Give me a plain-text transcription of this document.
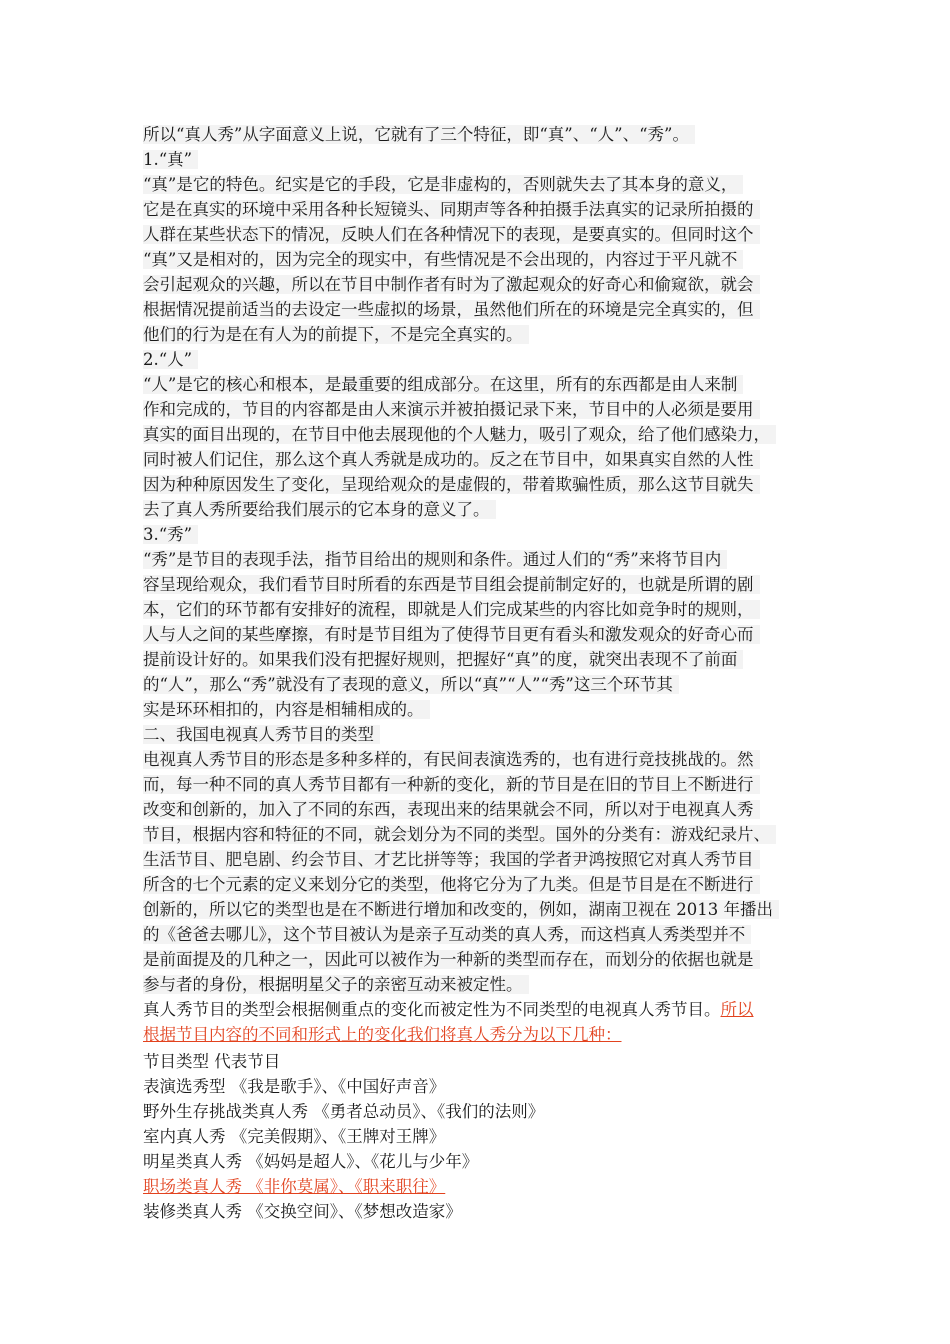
所以“真人秀”从字面意义上说，它就有了三个特征，即“真”、“人”、“秀”。
1.“真”
“真”是它的特色。纪实是它的手段，它是非虚构的，否则就失去了其本身的意义，
它是在真实的环境中采用各种长短镜头、同期声等各种拍摄手法真实的记录所拍摄的
人群在某些状态下的情况，反映人们在各种情况下的表现，是要真实的。但同时这个
“真”又是相对的，因为完全的现实中，有些情况是不会出现的，内容过于平凡就不
会引起观众的兴趣，所以在节目中制作者有时为了激起观众的好奇心和偷窥欲，就会
根据情况提前适当的去设定一些虚拟的场景，虽然他们所在的环境是完全真实的，但
他们的行为是在有人为的前提下，不是完全真实的。
2.“人”
“人”是它的核心和根本，是最重要的组成部分。在这里，所有的东西都是由人来制
作和完成的，节目的内容都是由人来演示并被拍摄记录下来，节目中的人必须是要用
真实的面目出现的，在节目中他去展现他的个人魅力，吸引了观众，给了他们感染力，
同时被人们记住，那么这个真人秀就是成功的。反之在节目中，如果真实自然的人性
因为种种原因发生了变化，呈现给观众的是虚假的，带着欺骗性质，那么这节目就失
去了真人秀所要给我们展示的它本身的意义了。
3.“秀”
“秀”是节目的表现手法，指节目给出的规则和条件。通过人们的“秀”来将节目内
容呈现给观众，我们看节目时所看的东西是节目组会提前制定好的，也就是所谓的剧
本，它们的环节都有安排好的流程，即就是人们完成某些的内容比如竞争时的规则，
人与人之间的某些摩擦，有时是节目组为了使得节目更有看头和激发观众的好奇心而
提前设计好的。如果我们没有把握好规则，把握好“真”的度，就突出表现不了前面
的“人”，那么“秀”就没有了表现的意义，所以“真”“人”“秀”这三个环节其
实是环环相扣的，内容是相辅相成的。
二、我国电视真人秀节目的类型
电视真人秀节目的形态是多种多样的，有民间表演选秀的，也有进行竞技挑战的。然
而，每一种不同的真人秀节目都有一种新的变化，新的节目是在旧的节目上不断进行
改变和创新的，加入了不同的东西，表现出来的结果就会不同，所以对于电视真人秀
节目，根据内容和特征的不同，就会划分为不同的类型。国外的分类有：游戏纪录片、
生活节目、肥皂剧、约会节目、才艺比拼等等；我国的学者尹鸿按照它对真人秀节目
所含的七个元素的定义来划分它的类型，他将它分为了九类。但是节目是在不断进行
创新的，所以它的类型也是在不断进行增加和改变的，例如，湖南卫视在 2013 年播出
的《爸爸去哪儿》，这个节目被认为是亲子互动类的真人秀，而这档真人秀类型并不
是前面提及的几种之一，因此可以被作为一种新的类型而存在，而划分的依据也就是
参与者的身份，根据明星父子的亲密互动来被定性。
真人秀节目的类型会根据侧重点的变化而被定性为不同类型的电视真人秀节目。所以
根据节目内容的不同和形式上的变化我们将真人秀分为以下几种：
节目类型 代表节目
表演选秀型 《我是歌手》、《中国好声音》
野外生存挑战类真人秀 《勇者总动员》、《我们的法则》
室内真人秀 《完美假期》、《王牌对王牌》
明星类真人秀 《妈妈是超人》、《花儿与少年》
职场类真人秀 《非你莫属》、《职来职往》
装修类真人秀 《交换空间》、《梦想改造家》
